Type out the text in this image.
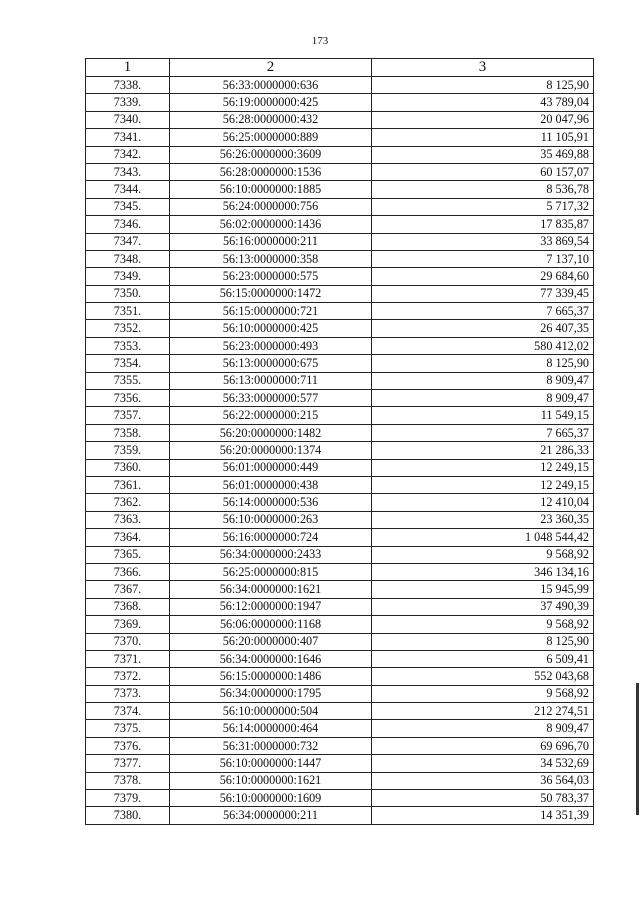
173
1	2	3
7338.	56:33:0000000:636	8 125,90
7339.	56:19:0000000:425	43 789,04
7340.	56:28:0000000:432	20 047,96
7341.	56:25:0000000:889	11 105,91
7342.	56:26:0000000:3609	35 469,88
7343.	56:28:0000000:1536	60 157,07
7344.	56:10:0000000:1885	8 536,78
7345.	56:24:0000000:756	5 717,32
7346.	56:02:0000000:1436	17 835,87
7347.	56:16:0000000:211	33 869,54
7348.	56:13:0000000:358	7 137,10
7349.	56:23:0000000:575	29 684,60
7350.	56:15:0000000:1472	77 339,45
7351.	56:15:0000000:721	7 665,37
7352.	56:10:0000000:425	26 407,35
7353.	56:23:0000000:493	580 412,02
7354.	56:13:0000000:675	8 125,90
7355.	56:13:0000000:711	8 909,47
7356.	56:33:0000000:577	8 909,47
7357.	56:22:0000000:215	11 549,15
7358.	56:20:0000000:1482	7 665,37
7359.	56:20:0000000:1374	21 286,33
7360.	56:01:0000000:449	12 249,15
7361.	56:01:0000000:438	12 249,15
7362.	56:14:0000000:536	12 410,04
7363.	56:10:0000000:263	23 360,35
7364.	56:16:0000000:724	1 048 544,42
7365.	56:34:0000000:2433	9 568,92
7366.	56:25:0000000:815	346 134,16
7367.	56:34:0000000:1621	15 945,99
7368.	56:12:0000000:1947	37 490,39
7369.	56:06:0000000:1168	9 568,92
7370.	56:20:0000000:407	8 125,90
7371.	56:34:0000000:1646	6 509,41
7372.	56:15:0000000:1486	552 043,68
7373.	56:34:0000000:1795	9 568,92
7374.	56:10:0000000:504	212 274,51
7375.	56:14:0000000:464	8 909,47
7376.	56:31:0000000:732	69 696,70
7377.	56:10:0000000:1447	34 532,69
7378.	56:10:0000000:1621	36 564,03
7379.	56:10:0000000:1609	50 783,37
7380.	56:34:0000000:211	14 351,39
